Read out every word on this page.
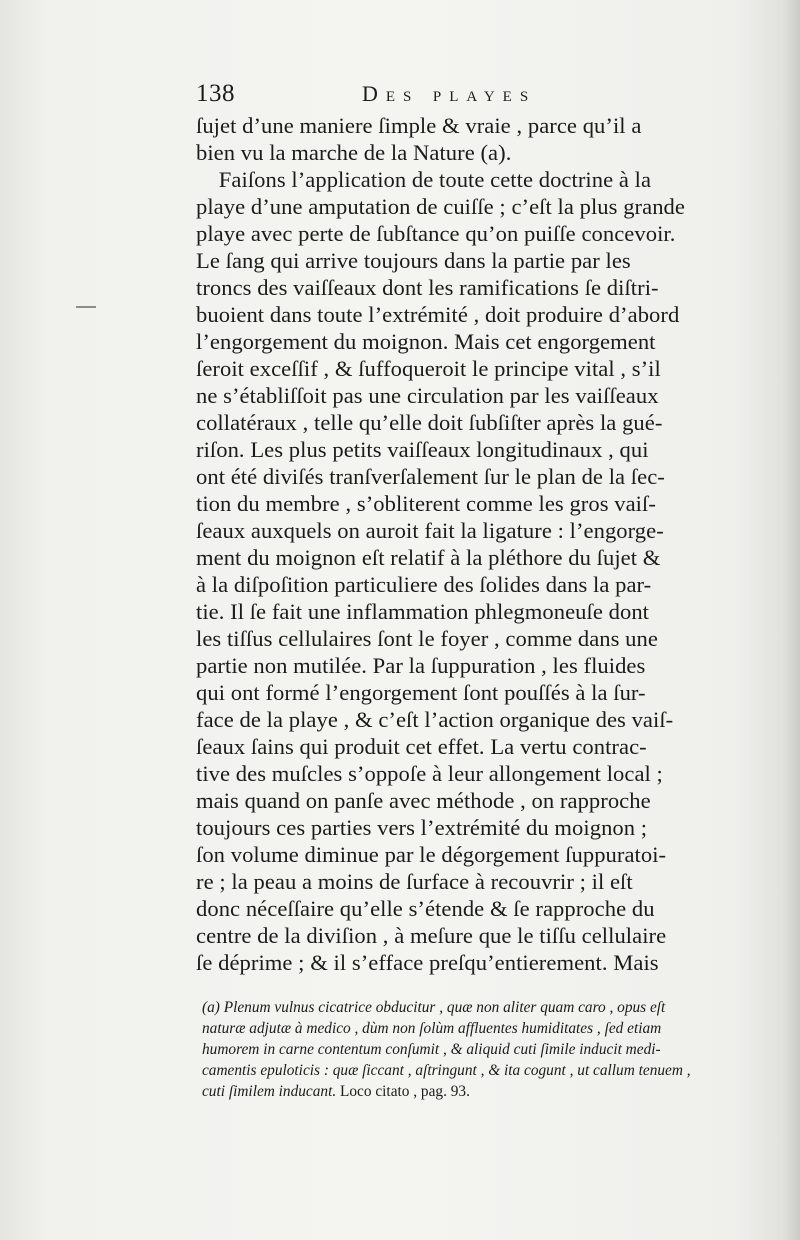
138	Des playes
ſujet d’une maniere ſimple & vraie , parce qu’il a
bien vu la marche de la Nature (a).
Faiſons l’application de toute cette doctrine à la
playe d’une amputation de cuiſſe ; c’eſt la plus grande
playe avec perte de ſubſtance qu’on puiſſe concevoir.
Le ſang qui arrive toujours dans la partie par les
troncs des vaiſſeaux dont les ramifications ſe diſtri-
buoient dans toute l’extrémité , doit produire d’abord
l’engorgement du moignon. Mais cet engorgement
ſeroit exceſſif , & ſuffoqueroit le principe vital , s’il
ne s’établiſſoit pas une circulation par les vaiſſeaux
collatéraux , telle qu’elle doit ſubſiſter après la gué-
riſon. Les plus petits vaiſſeaux longitudinaux , qui
ont été diviſés tranſverſalement ſur le plan de la ſec-
tion du membre , s’obliterent comme les gros vaiſ-
ſeaux auxquels on auroit fait la ligature : l’engorge-
ment du moignon eſt relatif à la pléthore du ſujet &
à la diſpoſition particuliere des ſolides dans la par-
tie. Il ſe fait une inflammation phlegmoneuſe dont
les tiſſus cellulaires ſont le foyer , comme dans une
partie non mutilée. Par la ſuppuration , les fluides
qui ont formé l’engorgement ſont pouſſés à la ſur-
face de la playe , & c’eſt l’action organique des vaiſ-
ſeaux ſains qui produit cet effet. La vertu contrac-
tive des muſcles s’oppoſe à leur allongement local ;
mais quand on panſe avec méthode , on rapproche
toujours ces parties vers l’extrémité du moignon ;
ſon volume diminue par le dégorgement ſuppuratoi-
re ; la peau a moins de ſurface à recouvrir ; il eſt
donc néceſſaire qu’elle s’étende & ſe rapproche du
centre de la diviſion , à meſure que le tiſſu cellulaire
ſe déprime ; & il s’efface preſqu’entierement. Mais
(a) Plenum vulnus cicatrice obducitur , quæ non aliter quam caro , opus eſt
naturæ adjutæ à medico , dùm non ſolùm affluentes humiditates , ſed etiam
humorem in carne contentum conſumit , & aliquid cuti ſimile inducit medi-
camentis epuloticis : quæ ſiccant , aſtringunt , & ita cogunt , ut callum tenuem ,
cuti ſimilem inducant. Loco citato , pag. 93.
